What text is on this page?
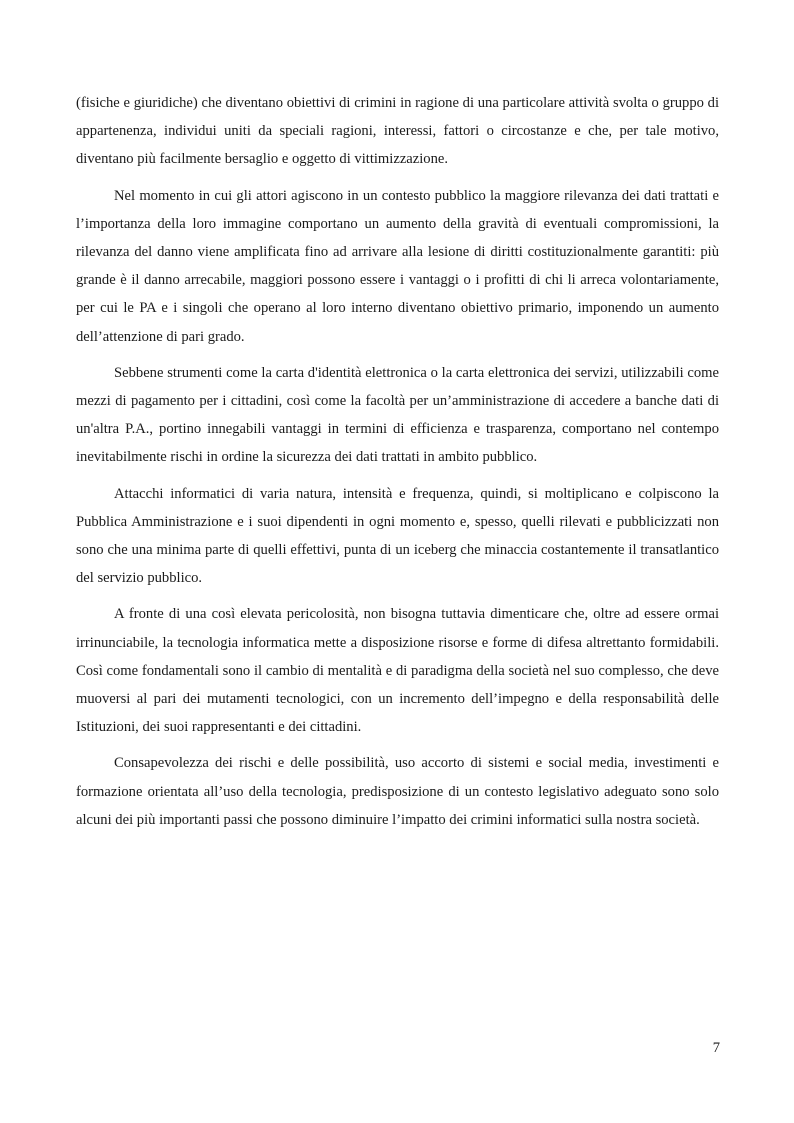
(fisiche e giuridiche) che diventano obiettivi di crimini in ragione di una particolare attività svolta o gruppo di appartenenza, individui uniti da speciali ragioni, interessi, fattori o circostanze e che, per tale motivo, diventano più facilmente bersaglio e oggetto di vittimizzazione.

Nel momento in cui gli attori agiscono in un contesto pubblico la maggiore rilevanza dei dati trattati e l’importanza della loro immagine comportano un aumento della gravità di eventuali compromissioni, la rilevanza del danno viene amplificata fino ad arrivare alla lesione di diritti costituzionalmente garantiti: più grande è il danno arrecabile, maggiori possono essere i vantaggi o i profitti di chi li arreca volontariamente, per cui le PA e i singoli che operano al loro interno diventano obiettivo primario, imponendo un aumento dell’attenzione di pari grado.

Sebbene strumenti come la carta d'identità elettronica o la carta elettronica dei servizi, utilizzabili come mezzi di pagamento per i cittadini, così come la facoltà per un’amministrazione di accedere a banche dati di un'altra P.A., portino innegabili vantaggi in termini di efficienza e trasparenza, comportano nel contempo inevitabilmente rischi in ordine la sicurezza dei dati trattati in ambito pubblico.

Attacchi informatici di varia natura, intensità e frequenza, quindi, si moltiplicano e colpiscono la Pubblica Amministrazione e i suoi dipendenti in ogni momento e, spesso, quelli rilevati e pubblicizzati non sono che una minima parte di quelli effettivi, punta di un iceberg che minaccia costantemente il transatlantico del servizio pubblico.

A fronte di una così elevata pericolosità, non bisogna tuttavia dimenticare che, oltre ad essere ormai irrinunciabile, la tecnologia informatica mette a disposizione risorse e forme di difesa altrettanto formidabili. Così come fondamentali sono il cambio di mentalità e di paradigma della società nel suo complesso, che deve muoversi al pari dei mutamenti tecnologici, con un incremento dell’impegno e della responsabilità delle Istituzioni, dei suoi rappresentanti e dei cittadini.

Consapevolezza dei rischi e delle possibilità, uso accorto di sistemi e social media, investimenti e formazione orientata all’uso della tecnologia, predisposizione di un contesto legislativo adeguato sono solo alcuni dei più importanti passi che possono diminuire l’impatto dei crimini informatici sulla nostra società.

7
